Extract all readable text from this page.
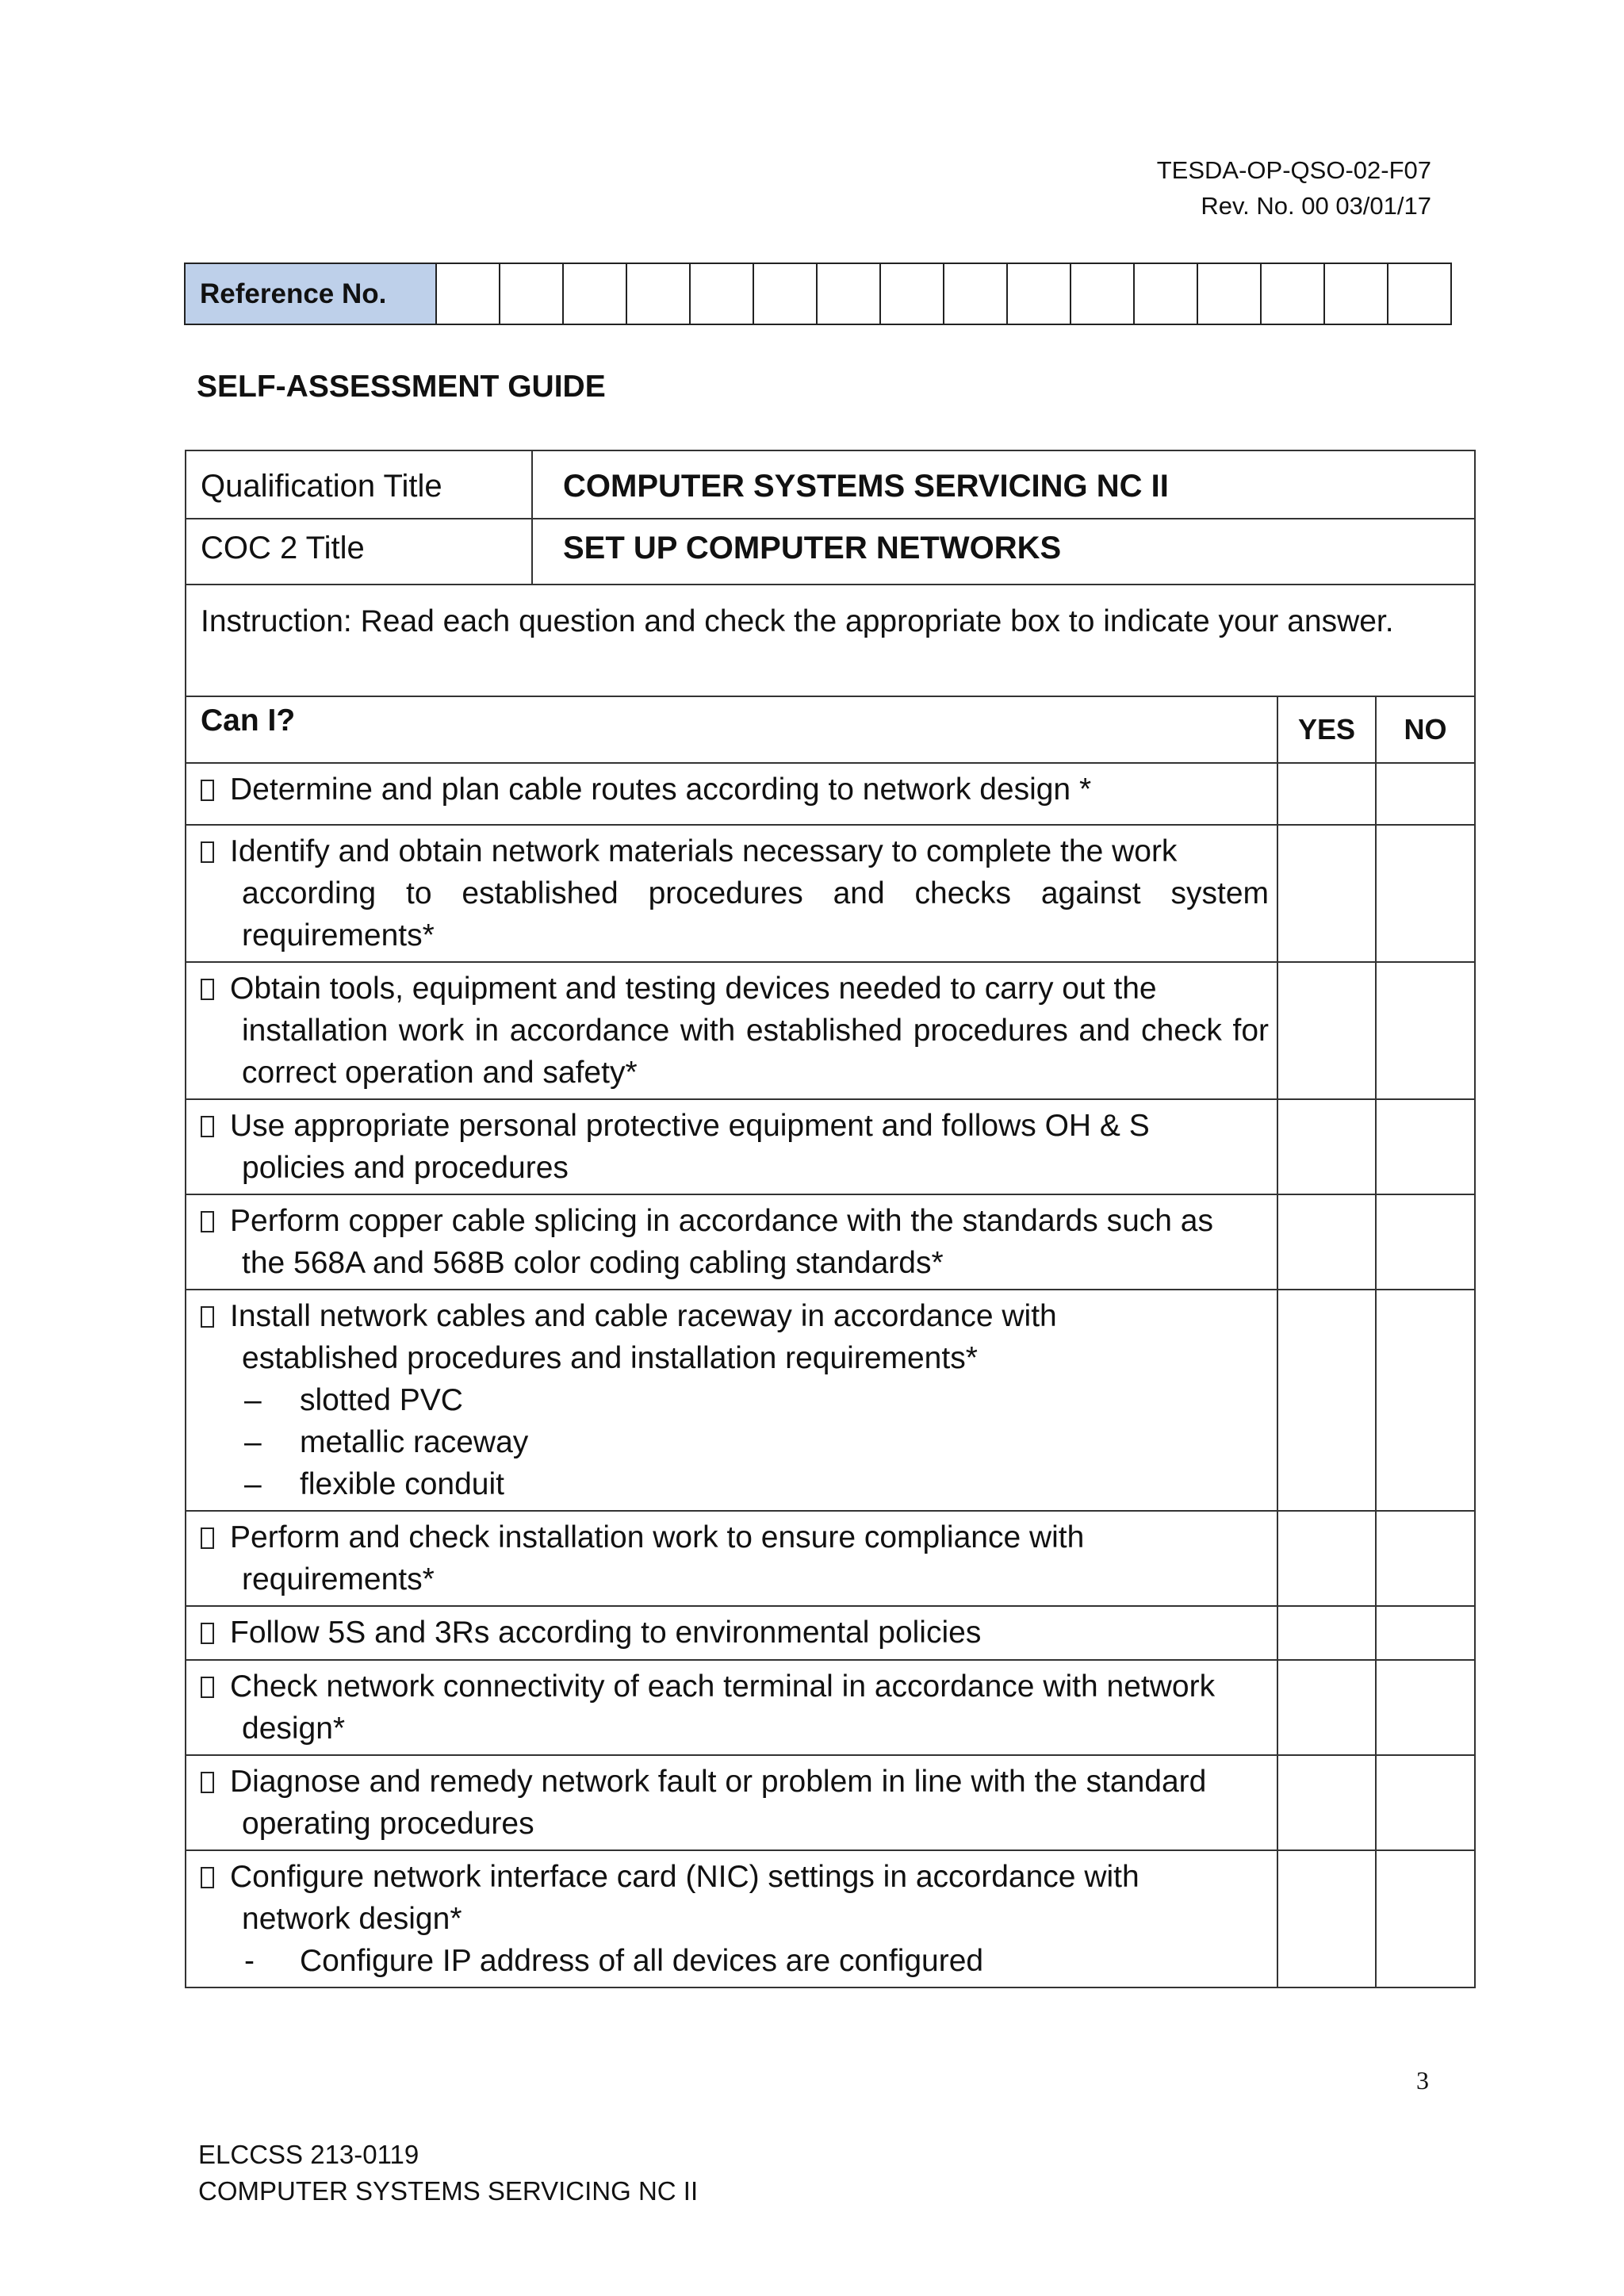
TESDA-OP-QSO-02-F07
Rev. No. 00 03/01/17
Reference No.																
SELF-ASSESSMENT GUIDE
Qualification Title	COMPUTER SYSTEMS SERVICING NC II		
COC 2 Title	SET UP COMPUTER NETWORKS		
Instruction: Read each question and check the appropriate box to indicate your answer.			
Can I?		YES	NO

Determine and plan cable routes according to network design *			

Identify and obtain network materials necessary to complete the work
according to established procedures and checks against system requirements*			

Obtain tools, equipment and testing devices needed to carry out the
installation work in accordance with established procedures and check for correct operation and safety*			

Use appropriate personal protective equipment and follows OH & S
policies and procedures			

Perform copper cable splicing in accordance with the standards such as
the 568A and 568B color coding cabling standards*			

Install network cables and cable raceway in accordance with
established procedures and installation requirements*
– slotted PVC
– metallic raceway
– flexible conduit			

Perform and check installation work to ensure compliance with
requirements*			

Follow 5S and 3Rs according to environmental policies			

Check network connectivity of each terminal in accordance with network
design*			

Diagnose and remedy network fault or problem in line with the standard
operating procedures			

Configure network interface card (NIC) settings in accordance with
network design*
- Configure IP address of all devices are configured			

3
ELCCSS 213-0119
COMPUTER SYSTEMS SERVICING NC II
